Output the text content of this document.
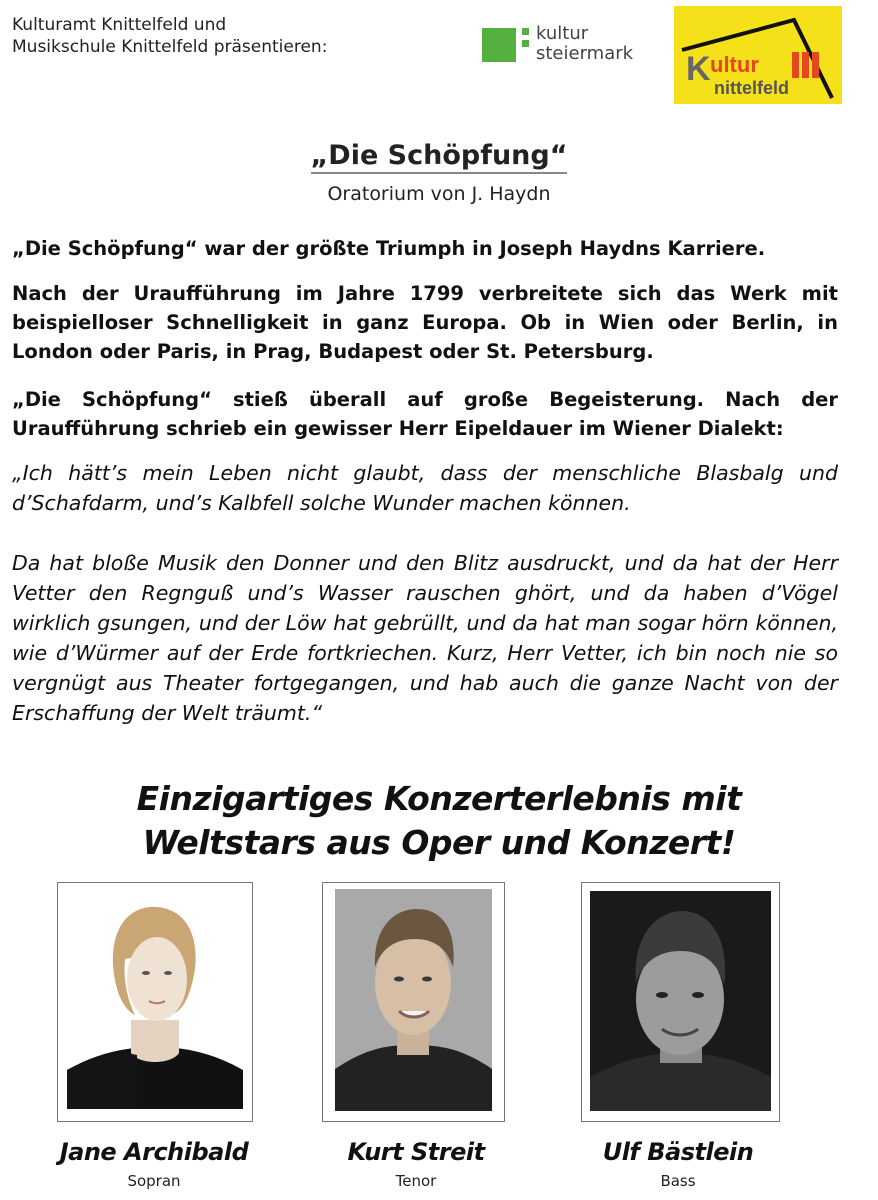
Kulturamt Knittelfeld und
Musikschule Knittelfeld präsentieren:
kultur
steiermark K ultur
nittelfeld
„Die Schöpfung“
Oratorium von J. Haydn
„Die Schöpfung“ war der größte Triumph in Joseph Haydns Karriere.
Nach der Uraufführung im Jahre 1799 verbreitete sich das Werk mit beispielloser Schnelligkeit in ganz Europa. Ob in Wien oder Berlin, in London oder Paris, in Prag, Budapest oder St. Petersburg.
„Die Schöpfung“ stieß überall auf große Begeisterung. Nach der Uraufführung schrieb ein gewisser Herr Eipeldauer im Wiener Dialekt:
„Ich hätt’s mein Leben nicht glaubt, dass der menschliche Blasbalg und d’Schafdarm, und’s Kalbfell solche Wunder machen können.
Da hat bloße Musik den Donner und den Blitz ausdruckt, und da hat der Herr Vetter den Regnguß und’s Wasser rauschen ghört, und da haben d’Vögel wirklich gsungen, und der Löw hat gebrüllt, und da hat man sogar hörn können, wie d’Würmer auf der Erde fortkriechen. Kurz, Herr Vetter, ich bin noch nie so vergnügt aus Theater fortgegangen, und hab auch die ganze Nacht von der Erschaffung der Welt träumt.“
Einzigartiges Konzerterlebnis mit
Weltstars aus Oper und Konzert!
Jane Archibald
Sopran
Kurt Streit
Tenor
Ulf Bästlein
Bass
